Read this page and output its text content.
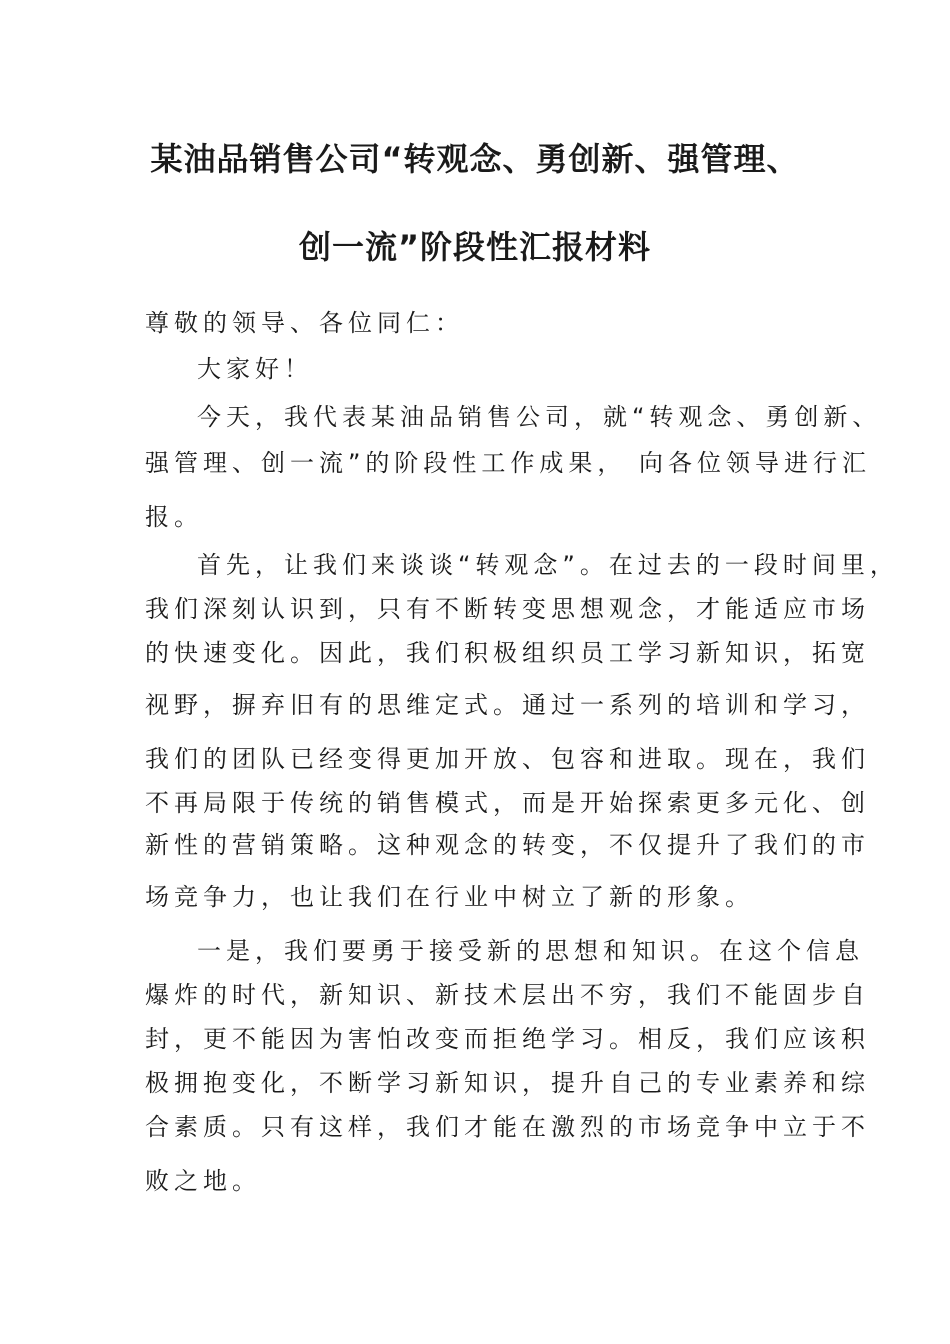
某油品销售公司“转观念、勇创新、强管理、
创一流”阶段性汇报材料
尊敬的领导、各位同仁：
大家好！
今天，我代表某油品销售公司，就“转观念、勇创新、
强管理、创一流”的阶段性工作成果， 向各位领导进行汇
报。
首先，让我们来谈谈“转观念”。在过去的一段时间里，
我们深刻认识到，只有不断转变思想观念，才能适应市场
的快速变化。因此，我们积极组织员工学习新知识，拓宽
视野，摒弃旧有的思维定式。通过一系列的培训和学习，
我们的团队已经变得更加开放、包容和进取。现在，我们
不再局限于传统的销售模式，而是开始探索更多元化、创
新性的营销策略。这种观念的转变，不仅提升了我们的市
场竞争力，也让我们在行业中树立了新的形象。
一是，我们要勇于接受新的思想和知识。在这个信息
爆炸的时代，新知识、新技术层出不穷，我们不能固步自
封，更不能因为害怕改变而拒绝学习。相反，我们应该积
极拥抱变化，不断学习新知识，提升自己的专业素养和综
合素质。只有这样，我们才能在激烈的市场竞争中立于不
败之地。
